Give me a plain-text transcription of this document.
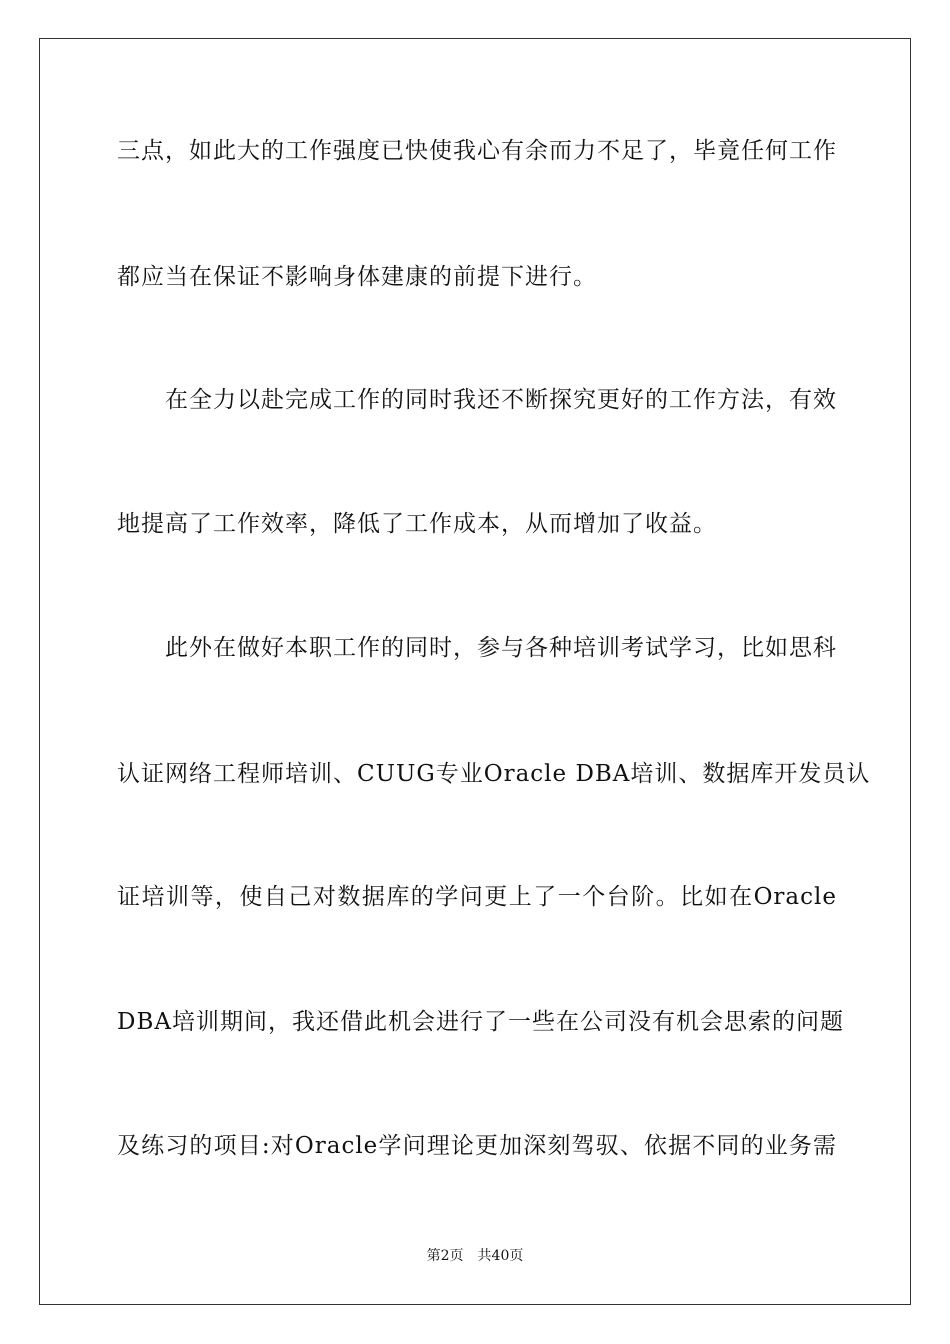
三点，如此大的工作强度已快使我心有余而力不足了，毕竟任何工作
都应当在保证不影响身体建康的前提下进行。
在全力以赴完成工作的同时我还不断探究更好的工作方法，有效
地提高了工作效率，降低了工作成本，从而增加了收益。
此外在做好本职工作的同时，参与各种培训考试学习，比如思科
认证网络工程师培训、CUUG专业Oracle DBA培训、数据库开发员认
证培训等，使自己对数据库的学问更上了一个台阶。比如在Oracle
DBA培训期间，我还借此机会进行了一些在公司没有机会思索的问题
及练习的项目:对Oracle学问理论更加深刻驾驭、依据不同的业务需
第2页 共40页
